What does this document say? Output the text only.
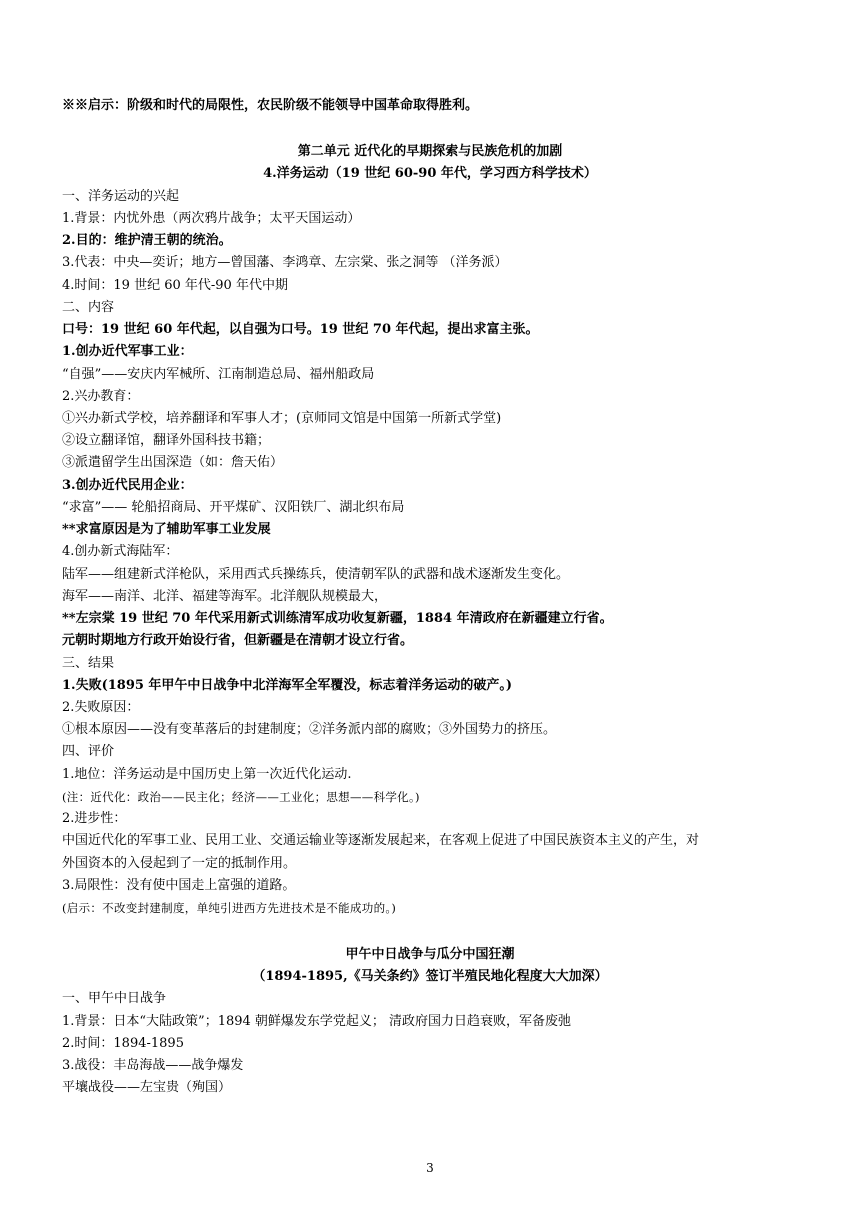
※※启示：阶级和时代的局限性，农民阶级不能领导中国革命取得胜利。
第二单元 近代化的早期探索与民族危机的加剧
4.洋务运动（19 世纪 60-90 年代，学习西方科学技术）
一、洋务运动的兴起
1.背景：内忧外患（两次鸦片战争；太平天国运动）
2.目的：维护清王朝的统治。
3.代表：中央—奕䜣；地方—曾国藩、李鸿章、左宗棠、张之洞等 （洋务派）
4.时间：19 世纪 60 年代-90 年代中期
二、内容
口号：19 世纪 60 年代起，以自强为口号。19 世纪 70 年代起，提出求富主张。
1.创办近代军事工业：
“自强”——安庆内军械所、江南制造总局、福州船政局
2.兴办教育：
①兴办新式学校，培养翻译和军事人才；(京师同文馆是中国第一所新式学堂)
②设立翻译馆，翻译外国科技书籍；
③派遣留学生出国深造（如：詹天佑）
3.创办近代民用企业：
“求富”—— 轮船招商局、开平煤矿、汉阳铁厂、湖北织布局
**求富原因是为了辅助军事工业发展
4.创办新式海陆军：
陆军——组建新式洋枪队，采用西式兵操练兵，使清朝军队的武器和战术逐渐发生变化。
海军——南洋、北洋、福建等海军。北洋舰队规模最大，
**左宗棠 19 世纪 70 年代采用新式训练清军成功收复新疆，1884 年清政府在新疆建立行省。
元朝时期地方行政开始设行省，但新疆是在清朝才设立行省。
三、结果
1.失败(1895 年甲午中日战争中北洋海军全军覆没，标志着洋务运动的破产。)
2.失败原因：
①根本原因——没有变革落后的封建制度；②洋务派内部的腐败；③外国势力的挤压。
四、评价
1.地位：洋务运动是中国历史上第一次近代化运动.
(注：近代化：政治——民主化；经济——工业化；思想——科学化。)
2.进步性：
中国近代化的军事工业、民用工业、交通运输业等逐渐发展起来，在客观上促进了中国民族资本主义的产生，对
外国资本的入侵起到了一定的抵制作用。
3.局限性：没有使中国走上富强的道路。
(启示：不改变封建制度，单纯引进西方先进技术是不能成功的。)
甲午中日战争与瓜分中国狂潮
（1894-1895,《马关条约》签订半殖民地化程度大大加深）
一、甲午中日战争
1.背景：日本“大陆政策”；1894 朝鲜爆发东学党起义； 清政府国力日趋衰败，军备废弛
2.时间：1894-1895
3.战役：丰岛海战——战争爆发
平壤战役——左宝贵（殉国）
3
